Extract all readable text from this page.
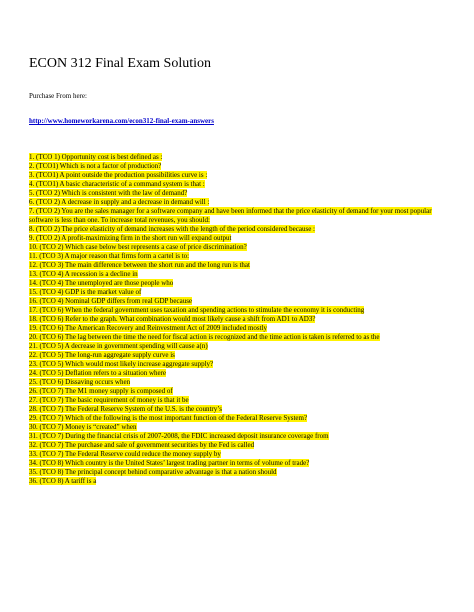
ECON 312 Final Exam Solution
Purchase From here:
http://www.homeworkarena.com/econ312-final-exam-answers
1. (TCO 1) Opportunity cost is best defined as :
2. (TCO1) Which is not a factor of production?
3. (TCO1) A point outside the production possibilities curve is :
4. (TCO1) A basic characteristic of a command system is that :
5. (TCO 2) Which is consistent with the law of demand?
6. (TCO 2) A decrease in supply and a decrease in demand will :
7. (TCO 2) You are the sales manager for a software company and have been informed that the price elasticity of demand for your most popular software is less than one. To increase total revenues, you should:
8. (TCO 2) The price elasticity of demand increases with the length of the period considered because :
9. (TCO 2) A profit-maximizing firm in the short run will expand output
10. (TCO 2) Which case below best represents a case of price discrimination?
11. (TCO 3) A major reason that firms form a cartel is to:
12. (TCO 3) The main difference between the short run and the long run is that
13. (TCO 4) A recession is a decline in
14. (TCO 4) The unemployed are those people who
15. (TCO 4) GDP is the market value of
16. (TCO 4) Nominal GDP differs from real GDP because
17. (TCO 6) When the federal government uses taxation and spending actions to stimulate the economy it is conducting
18. (TCO 6) Refer to the graph. What combination would most likely cause a shift from AD1 to AD3?
19. (TCO 6) The American Recovery and Reinvestment Act of 2009 included mostly
20. (TCO 6) The lag between the time the need for fiscal action is recognized and the time action is taken is referred to as the
21. (TCO 5) A decrease in government spending will cause a(n)
22. (TCO 5) The long-run aggregate supply curve is
23. (TCO 5) Which would most likely increase aggregate supply?
24. (TCO 5) Deflation refers to a situation where
25. (TCO 6) Dissaving occurs when
26. (TCO 7) The M1 money supply is composed of
27. (TCO 7) The basic requirement of money is that it be
28. (TCO 7) The Federal Reserve System of the U.S. is the country’s
29. (TCO 7) Which of the following is the most important function of the Federal Reserve System?
30. (TCO 7) Money is “created” when
31. (TCO 7) During the financial crisis of 2007-2008, the FDIC increased deposit insurance coverage from
32. (TCO 7) The purchase and sale of government securities by the Fed is called
33. (TCO 7) The Federal Reserve could reduce the money supply by
34. (TCO 8) Which country is the United States’ largest trading partner in terms of volume of trade?
35. (TCO 8) The principal concept behind comparative advantage is that a nation should
36. (TCO 8) A tariff is a
